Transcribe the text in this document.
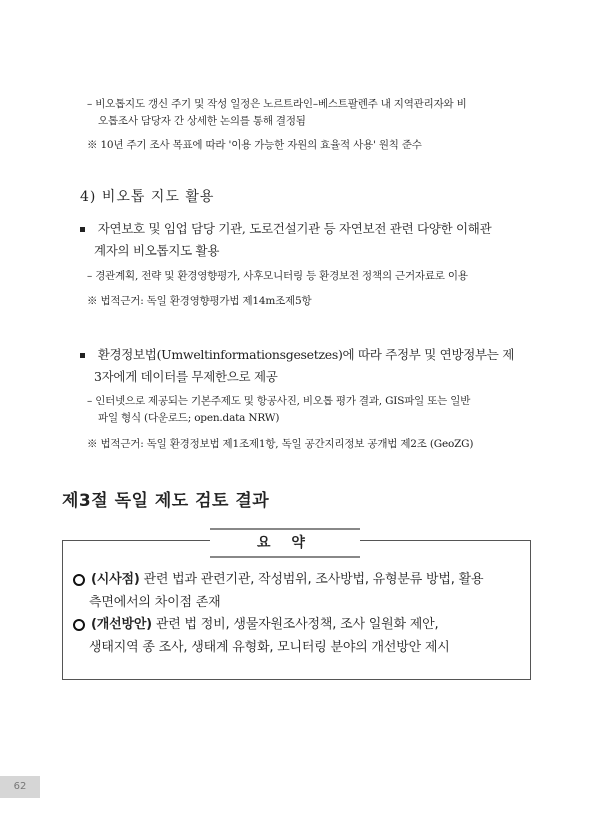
– 비오톱지도 갱신 주기 및 작성 일정은 노르트라인–베스트팔렌주 내 지역관리자와 비
오톱조사 담당자 간 상세한 논의를 통해 결정됨
※ 10년 주기 조사 목표에 따라 '이용 가능한 자원의 효율적 사용' 원칙 준수
4) 비오톱 지도 활용
자연보호 및 임업 담당 기관, 도로건설기관 등 자연보전 관련 다양한 이해관
계자의 비오톱지도 활용
– 경관계획, 전략 및 환경영향평가, 사후모니터링 등 환경보전 정책의 근거자료로 이용
※ 법적근거: 독일 환경영향평가법 제14m조제5항
환경정보법(Umweltinformationsgesetzes)에 따라 주정부 및 연방정부는 제
3자에게 데이터를 무제한으로 제공
– 인터넷으로 제공되는 기본주제도 및 항공사진, 비오톱 평가 결과, GIS파일 또는 일반
파일 형식 (다운로드; open.data NRW)
※ 법적근거: 독일 환경정보법 제1조제1항, 독일 공간지리정보 공개법 제2조 (GeoZG)
제3절 독일 제도 검토 결과
요 약
(시사점) 관련 법과 관련기관, 작성범위, 조사방법, 유형분류 방법, 활용
측면에서의 차이점 존재
(개선방안) 관련 법 정비, 생물자원조사정책, 조사 일원화 제안,
생태지역 종 조사, 생태계 유형화, 모니터링 분야의 개선방안 제시
62
